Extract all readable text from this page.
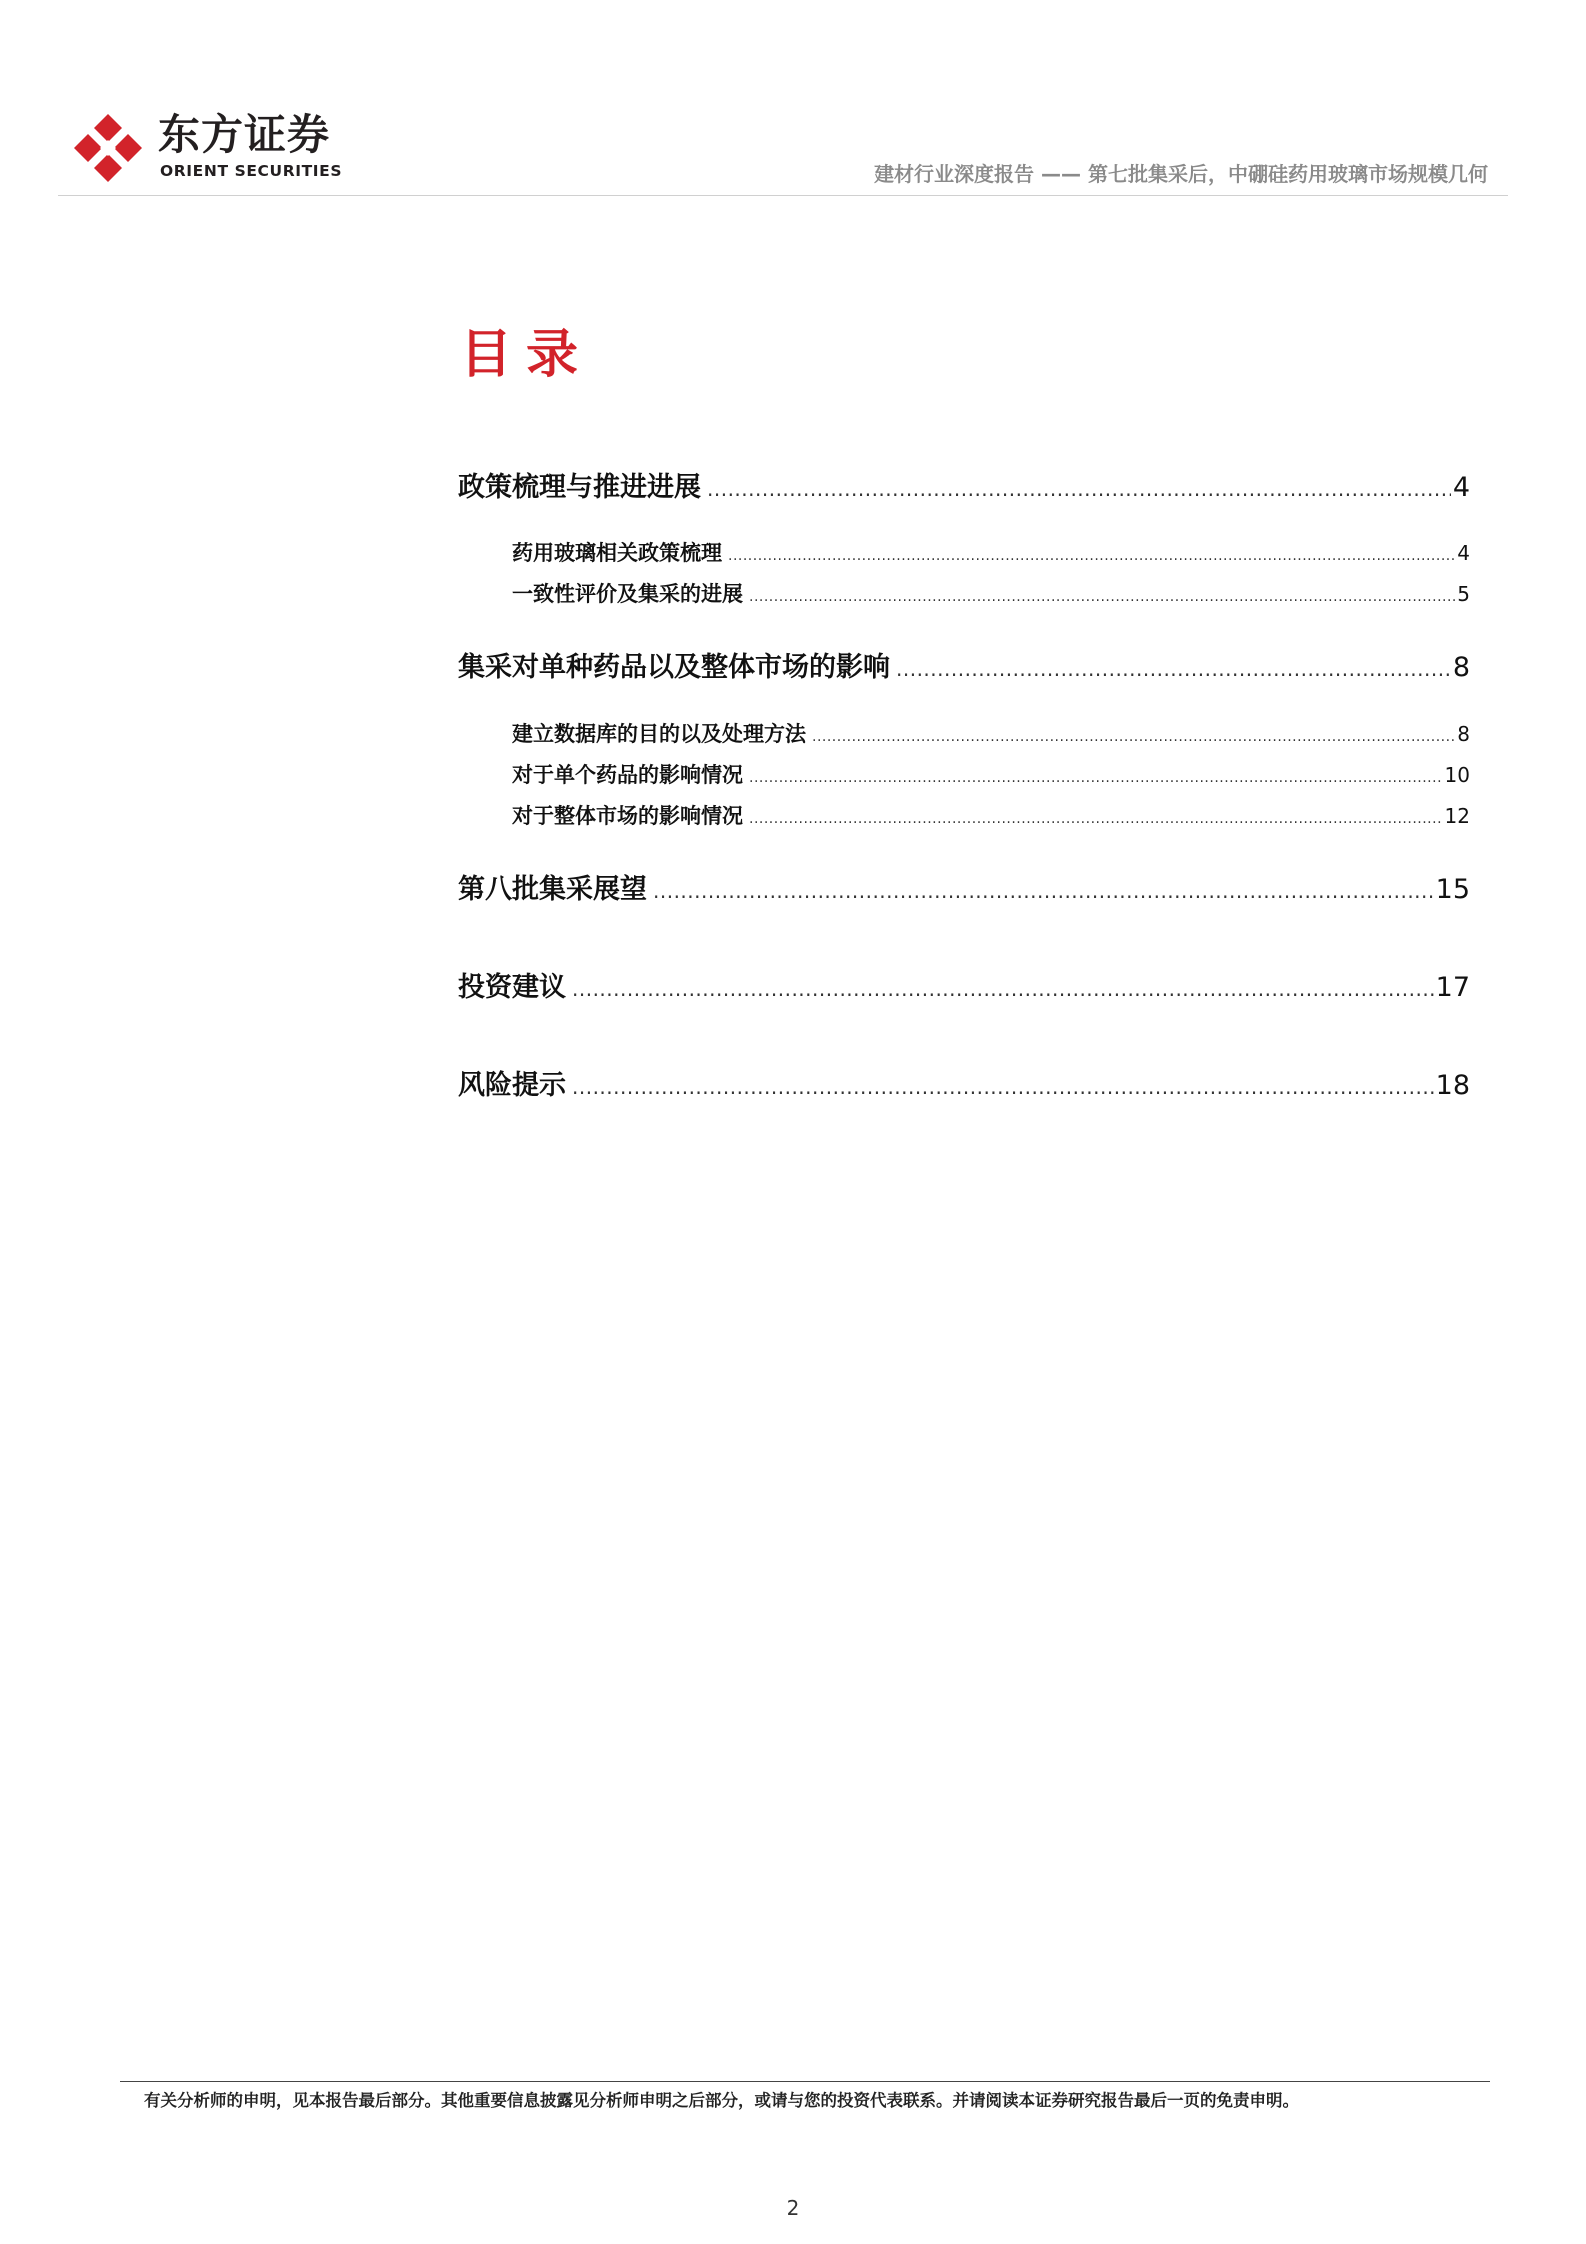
东方证券
ORIENT SECURITIES	建材行业深度报告 —— 第七批集采后，中硼硅药用玻璃市场规模几何
目录
政策梳理与推进进展 .....	4
药用玻璃相关政策梳理 .....	4
一致性评价及集采的进展 .....	5
集采对单种药品以及整体市场的影响 .....	8
建立数据库的目的以及处理方法 .....	8
对于单个药品的影响情况 .....	10
对于整体市场的影响情况 .....	12
第八批集采展望 .....	15
投资建议 .....	17
风险提示 .....	18
有关分析师的申明，见本报告最后部分。其他重要信息披露见分析师申明之后部分，或请与您的投资代表联系。并请阅读本证券研究报告最后一页的免责申明。
2
